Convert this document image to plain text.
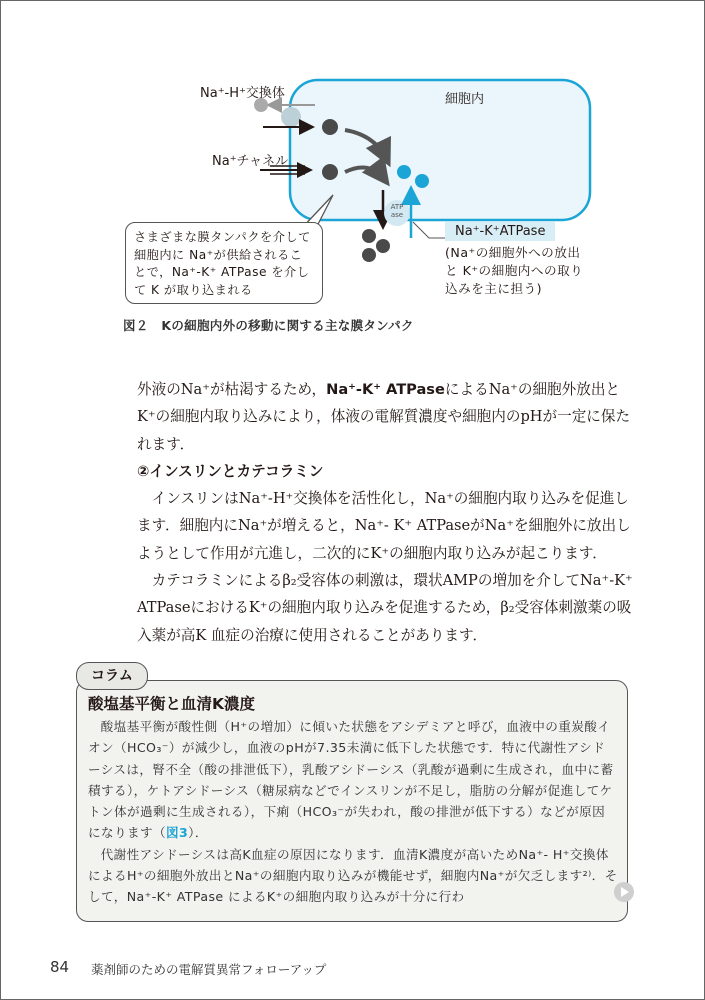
Na⁺-H⁺交換体
Na⁺チャネル
細胞内
ATP ase
さまざまな膜タンパクを介して細胞内に Na⁺が供給されることで，Na⁺-K⁺ ATPase を介して K が取り込まれる
Na⁺-K⁺ATPase
(Na⁺の細胞外への放出と K⁺の細胞内への取り込みを主に担う)
図２　Kの細胞内外の移動に関する主な膜タンパク

外液のNa⁺が枯渇するため，Na⁺-K⁺ ATPaseによるNa⁺の細胞外放出とK⁺の細胞内取り込みにより，体液の電解質濃度や細胞内のpHが一定に保たれます．

②インスリンとカテコラミン

インスリンはNa⁺-H⁺交換体を活性化し，Na⁺の細胞内取り込みを促進します．細胞内にNa⁺が増えると，Na⁺- K⁺ ATPaseがNa⁺を細胞外に放出しようとして作用が亢進し，二次的にK⁺の細胞内取り込みが起こります．

カテコラミンによるβ₂受容体の刺激は，環状AMPの増加を介してNa⁺-K⁺ ATPaseにおけるK⁺の細胞内取り込みを促進するため，β₂受容体刺激薬の吸入薬が高K 血症の治療に使用されることがあります．

コラム
酸塩基平衡と血清K濃度

酸塩基平衡が酸性側（H⁺の増加）に傾いた状態をアシデミアと呼び，血液中の重炭酸イオン（HCO₃⁻）が減少し，血液のpHが7.35未満に低下した状態です．特に代謝性アシドーシスは，腎不全（酸の排泄低下），乳酸アシドーシス（乳酸が過剰に生成され，血中に蓄積する），ケトアシドーシス（糖尿病などでインスリンが不足し，脂肪の分解が促進してケトン体が過剰に生成される），下痢（HCO₃⁻が失われ，酸の排泄が低下する）などが原因になります（図3）．

代謝性アシドーシスは高K血症の原因になります．血清K濃度が高いためNa⁺- H⁺交換体によるH⁺の細胞外放出とNa⁺の細胞内取り込みが機能せず，細胞内Na⁺が欠乏します²⁾．そして，Na⁺-K⁺ ATPase によるK⁺の細胞内取り込みが十分に行わ

84 薬剤師のための電解質異常フォローアップ
